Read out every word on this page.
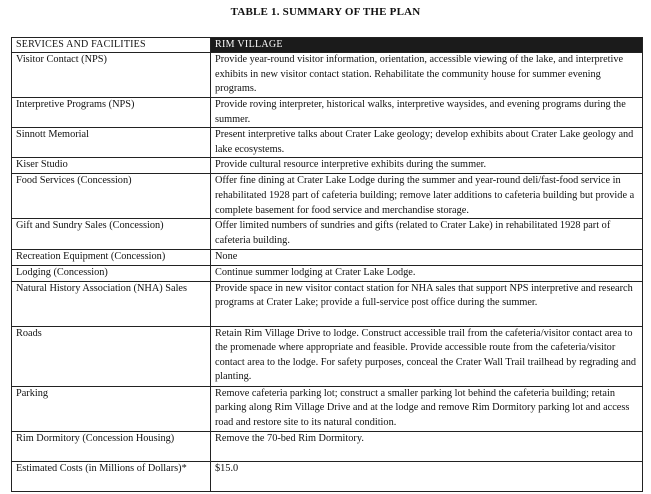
TABLE 1. SUMMARY OF THE PLAN
SERVICES AND FACILITIES	RIM VILLAGE
Visitor Contact (NPS)	Provide year-round visitor information, orientation, accessible viewing of the lake, and interpretive exhibits in new visitor contact station. Rehabilitate the community house for summer evening programs.
Interpretive Programs (NPS)	Provide roving interpreter, historical walks, interpretive waysides, and evening programs during the summer.
Sinnott Memorial	Present interpretive talks about Crater Lake geology; develop exhibits about Crater Lake geology and lake ecosystems.
Kiser Studio	Provide cultural resource interpretive exhibits during the summer.
Food Services (Concession)	Offer fine dining at Crater Lake Lodge during the summer and year-round deli/fast-food service in rehabilitated 1928 part of cafeteria building; remove later additions to cafeteria building but provide a complete basement for food service and merchandise storage.
Gift and Sundry Sales (Concession)	Offer limited numbers of sundries and gifts (related to Crater Lake) in rehabilitated 1928 part of cafeteria building.
Recreation Equipment (Concession)	None
Lodging (Concession)	Continue summer lodging at Crater Lake Lodge.
Natural History Association (NHA) Sales	Provide space in new visitor contact station for NHA sales that support NPS interpretive and research programs at Crater Lake; provide a full-service post office during the summer.
Roads	Retain Rim Village Drive to lodge. Construct accessible trail from the cafeteria/visitor contact area to the promenade where appropriate and feasible. Provide accessible route from the cafeteria/visitor contact area to the lodge. For safety purposes, conceal the Crater Wall Trail trailhead by regrading and planting.
Parking	Remove cafeteria parking lot; construct a smaller parking lot behind the cafeteria building; retain parking along Rim Village Drive and at the lodge and remove Rim Dormitory parking lot and access road and restore site to its natural condition.
Rim Dormitory (Concession Housing)	Remove the 70-bed Rim Dormitory.
Estimated Costs (in Millions of Dollars)*	$15.0
